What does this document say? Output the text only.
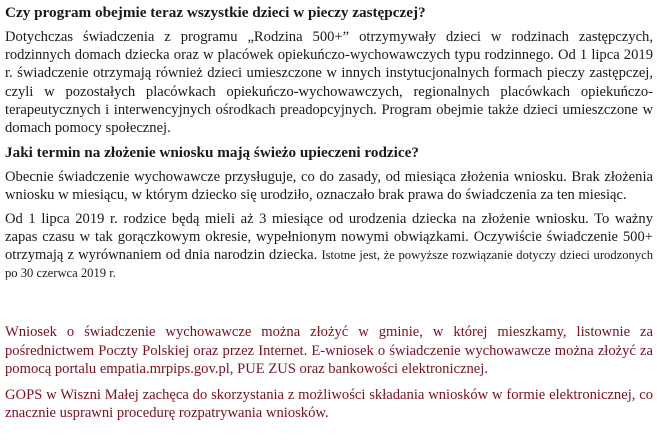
Czy program obejmie teraz wszystkie dzieci w pieczy zastępczej?

Dotychczas świadczenia z programu „Rodzina 500+” otrzymywały dzieci w rodzinach zastępczych, rodzinnych domach dziecka oraz w placówek opiekuńczo-wychowawczych typu rodzinnego. Od 1 lipca 2019 r. świadczenie otrzymają również dzieci umieszczone w innych instytucjonalnych formach pieczy zastępczej, czyli w pozostałych placówkach opiekuńczo-wychowawczych, regionalnych placówkach opiekuńczo-terapeutycznych i interwencyjnych ośrodkach preadopcyjnych. Program obejmie także dzieci umieszczone w domach pomocy społecznej.

Jaki termin na złożenie wniosku mają świeżo upieczeni rodzice?

Obecnie świadczenie wychowawcze przysługuje, co do zasady, od miesiąca złożenia wniosku. Brak złożenia wniosku w miesiącu, w którym dziecko się urodziło, oznaczało brak prawa do świadczenia za ten miesiąc.

Od 1 lipca 2019 r. rodzice będą mieli aż 3 miesiące od urodzenia dziecka na złożenie wniosku. To ważny zapas czasu w tak gorączkowym okresie, wypełnionym nowymi obwiązkami. Oczywiście świadczenie 500+ otrzymają z wyrównaniem od dnia narodzin dziecka. Istotne jest, że powyższe rozwiązanie dotyczy dzieci urodzonych po 30 czerwca 2019 r.

Wniosek o świadczenie wychowawcze można złożyć w gminie, w której mieszkamy, listownie za pośrednictwem Poczty Polskiej oraz przez Internet. E-wniosek o świadczenie wychowawcze można złożyć za pomocą portalu empatia.mrpips.gov.pl, PUE ZUS oraz bankowości elektronicznej.

GOPS w Wiszni Małej zachęca do skorzystania z możliwości składania wniosków w formie elektronicznej, co znacznie usprawni procedurę rozpatrywania wniosków.
